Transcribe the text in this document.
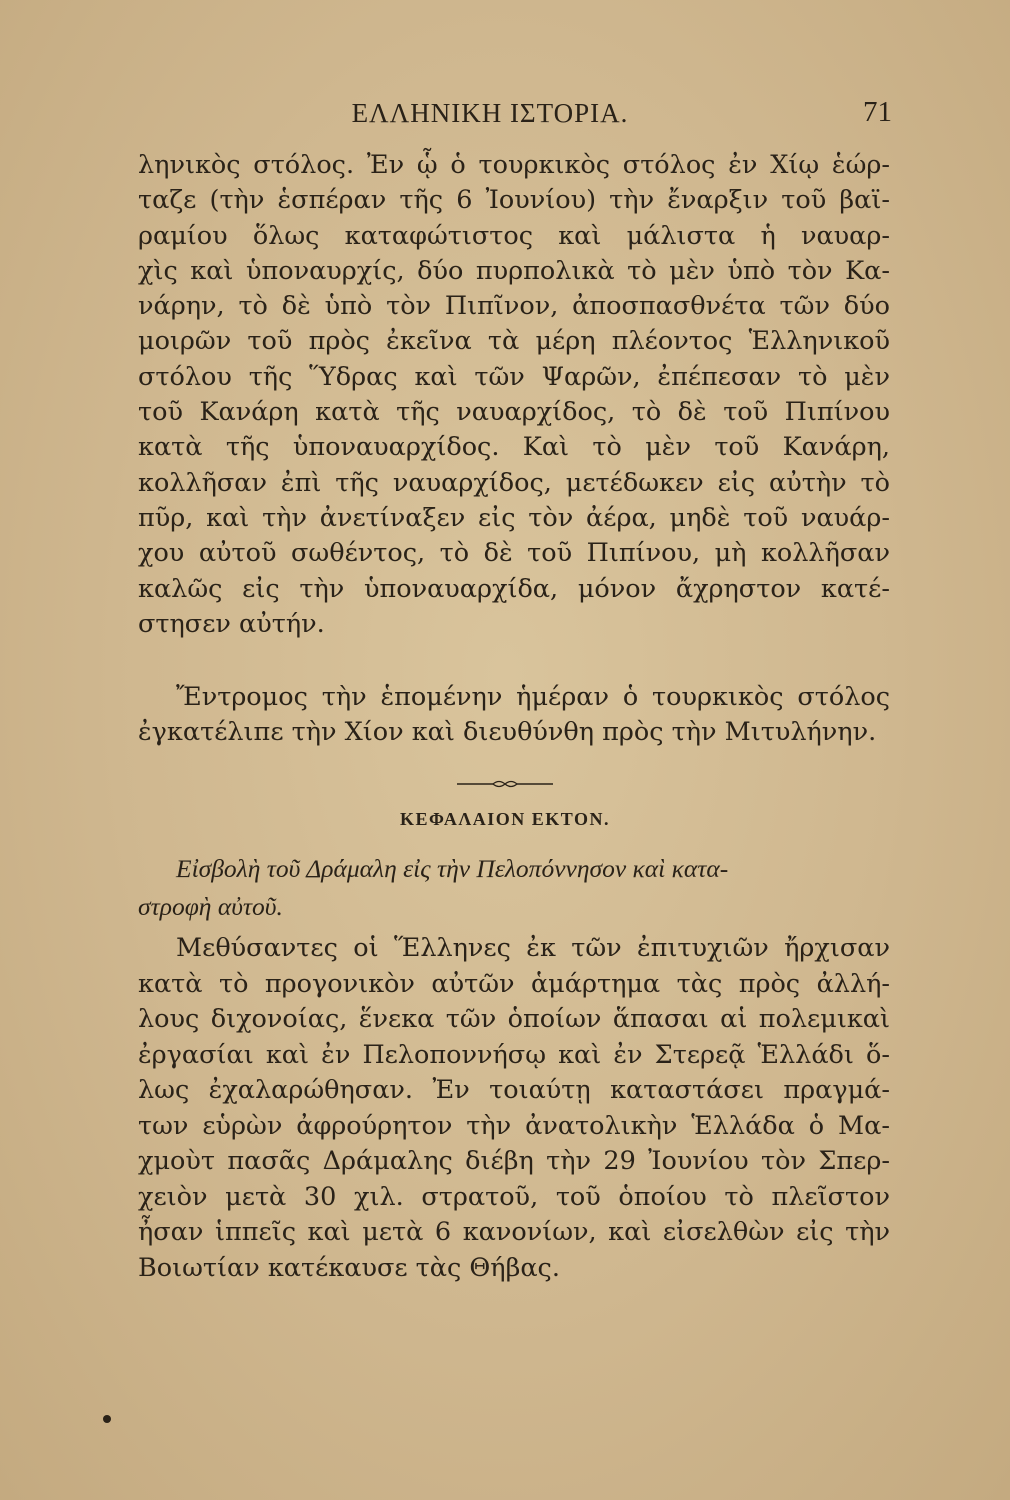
ΕΛΛΗΝΙΚΗ ΙΣΤΟΡΙΑ.	71
ληνικὸς στόλος. Ἐν ᾧ ὁ τουρκικὸς στόλος ἐν Χίῳ ἑώρ-
ταζε (τὴν ἑσπέραν τῆς 6 Ἰουνίου) τὴν ἔναρξιν τοῦ βαϊ-
ραμίου ὅλως καταφώτιστος καὶ μάλιστα ἡ ναυαρ-
χὶς καὶ ὑποναυρχίς, δύο πυρπολικὰ τὸ μὲν ὑπὸ τὸν Κα-
νάρην, τὸ δὲ ὑπὸ τὸν Πιπῖνον, ἀποσπασθνέτα τῶν δύο
μοιρῶν τοῦ πρὸς ἐκεῖνα τὰ μέρη πλέοντος Ἑλληνικοῦ
στόλου τῆς Ὕδρας καὶ τῶν Ψαρῶν, ἐπέπεσαν τὸ μὲν
τοῦ Κανάρη κατὰ τῆς ναυαρχίδος, τὸ δὲ τοῦ Πιπίνου
κατὰ τῆς ὑποναυαρχίδος. Καὶ τὸ μὲν τοῦ Κανάρη,
κολλῆσαν ἐπὶ τῆς ναυαρχίδος, μετέδωκεν εἰς αὐτὴν τὸ
πῦρ, καὶ τὴν ἀνετίναξεν εἰς τὸν ἀέρα, μηδὲ τοῦ ναυάρ-
χου αὐτοῦ σωθέντος, τὸ δὲ τοῦ Πιπίνου, μὴ κολλῆσαν
καλῶς εἰς τὴν ὑποναυαρχίδα, μόνον ἄχρηστον κατέ-
στησεν αὐτήν.
Ἔντρομος τὴν ἑπομένην ἡμέραν ὁ τουρκικὸς στόλος
ἐγκατέλιπε τὴν Χίον καὶ διευθύνθη πρὸς τὴν Μιτυλήνην.
ΚΕΦΑΛΑΙΟΝ ΕΚΤΟΝ.
Εἰσβολὴ τοῦ Δράμαλη εἰς τὴν Πελοπόννησον καὶ κατα-
στροφὴ αὐτοῦ.
Μεθύσαντες οἱ Ἕλληνες ἐκ τῶν ἐπιτυχιῶν ἤρχισαν
κατὰ τὸ προγονικὸν αὐτῶν ἁμάρτημα τὰς πρὸς ἀλλή-
λους διχονοίας, ἕνεκα τῶν ὁποίων ἅπασαι αἱ πολεμικαὶ
ἐργασίαι καὶ ἐν Πελοποννήσῳ καὶ ἐν Στερεᾷ Ἑλλάδι ὅ-
λως ἐχαλαρώθησαν. Ἐν τοιαύτῃ καταστάσει πραγμά-
των εὑρὼν ἀφρούρητον τὴν ἀνατολικὴν Ἑλλάδα ὁ Μα-
χμοὺτ πασᾶς Δράμαλης διέβη τὴν 29 Ἰουνίου τὸν Σπερ-
χειὸν μετὰ 30 χιλ. στρατοῦ, τοῦ ὁποίου τὸ πλεῖστον
ἦσαν ἱππεῖς καὶ μετὰ 6 κανονίων, καὶ εἰσελθὼν εἰς τὴν
Βοιωτίαν κατέκαυσε τὰς Θήβας.
